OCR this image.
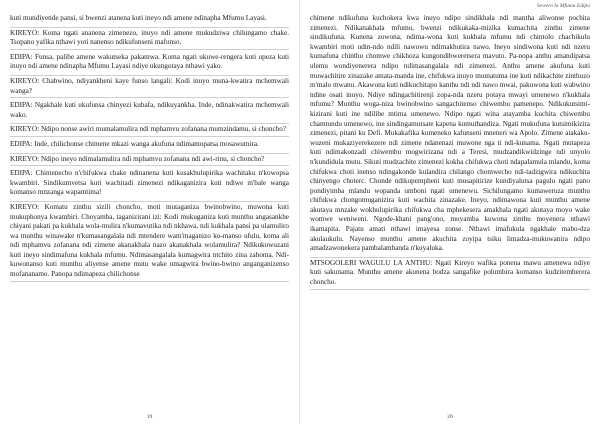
kuti mundiyende pansi, si bwenzi atanena kuti ineyo ndi amene ndinapha Mfumu Layasi.

KIREYO: Koma ngati ananena zimenezo, inuyo ndi amene mukudziwa chilungamo chake. Tsopano yafika nthawi yoti nanenso ndikufunseni mafunso.

EDIPA: Funsa, palibe amene wakutseka pakamwa. Koma ngati ukuwe-rengera kuti upeza kuti inuyo ndi amene ndinapha Mfumu Layasi ndiye ukungotaya nthawi yako.

KIREYO: Chabwino, ndiyankheni kaye funso langali: Kodi inuyo muna-kwatira mchemwali wanga?

EDIPA: Ngakhale kuti ukufunsa chinyezi kubafa, ndikuyankha. Inde, ndinakwatira mchemwali wako.

KIREYO: Ndipo nonse awiri mumalamulira ndi mphamvu zofanana mumzindamu, si choncho?

EDIPA: Inde, chilichonse chimene mkazi wanga akufuna ndimamupatsa mosawumira.

KIREYO: Ndipo ineyo ndimalamulira ndi mphamvu zofanana ndi awi-rinu, si choncho?

EDIPA: Chimenecho n'chifukwa chake ndinanena kuti kusakhulupirika wachitaku n'kowopsa kwambiri. Sindikumvetsa kuti wachitadi zimenezi ndikaganizira kuti ndiwe m'bale wanga komanso mnzanga wapamtima!

KIREYO: Komatu zinthu sizili choncho, moti mutaganiza bwinobwino, muwona kuti mukuphonya kwambiri. Choyamba, taganizirani izi: Kodi mukuganiza kuti munthu angasankhe chiyani pakati pa kukhala wola-mulira n'kumavutika ndi nkhawa, ndi kukhala pansi pa ulamuliro wa munthu winawake n'kumasangalala ndi mtendere wam'maganizo ko-manso ufulu, koma ali ndi mphamvu zofanana ndi zimene akanakhala nazo akanakhala wolamulira? Ndikukuwuzani kuti ineyo sindimafuna kukhala mfumu. Ndimasangalala kumagwira ntchito zina zaboma. Ndi-kuwonanso kuti munthu aliyense amene mutu wake umagwira bwino-bwino anganganizenso mofananamo. Panopa ndimapeza chilichonse

19
Sewero la Mfumu Edipa

chimene ndikufuna kuchokera kwa inuyo ndipo sindikhala ndi mantha aliwonse pochita zimenezi. Ndikanakhala mfumu, bwenzi ndikukaka-mizika kumachita zinthu zimene sindikufuna. Kunena zowona, ndima-wona kuti kukhala mfumu ndi chintolo chachikulu kwambiri moti udin-ndo ndili nawowu ndimakhutira nawo. Ineyo sindiwona kuti ndi nzeru kumafuna chinthu chomwe chikhoza kungondibweretsera mavuto. Pa-nopa anthu amandipatsa ulemu wondiyenerera ndipo ndimasangalala ndi zimenezi. Anthu amene akufuna kuti muwachitire zinazake amata-manda ine, chifukwa inuyo mumatuma ine kuti ndikachite zinthuzo m'malo mwanu. Akawona kuti ndikuchitapo kanthu ndi ndi nawo mwai, pakuwona kuti wabwino ndine osati inuyo. Ndiye ndingachitirenji zopa-nda nzeru potaya mwayi umenewo n'kukhala mfumu? Munthu woga-niza bwinobwino sangachitenso chiwembu pamenepo. Ndikukutsimi-kizirani kuti ine ndilibe mtima umenewo. Ndipo ngati wina atayamba kuchita chiwembu chamtundu umenewo, ine sindingamutsate kapena kumuthandiza. Ngati mukufuna kutsimikizira zimenezi, pitani ku Defi. Mukakafika kumeneko kafunseni mneneri wa Apolo. Zimene atakaku-wuzeni mukaziyerekezere ndi zimene ndanenazi muwone nga ti ndi-kunama. Ngati mutapeza kuti ndimakonzadi chiwembu mogwirizana ndi a Teresi, mudzandikwidzinge ndi unyolo n'kundidula mutu. Sikuti mudzachite zimenezi kokha chifukwa choti ndapalamula mlandu, koma chifukwa choti inenso ndingakonde kulandira chilango chomwecho ndi-tadzigwira ndikuchita chinyengo choterc. Chonde ndikupempheni kuti musapitirize kundiyalutsa pagulu ngati pano pondiyimba mlandu wopanda umboni ngati umenewu. Sichilungamo kumaweruza munthu chifukwa chongomuganizira kuti wachita zinazake. Ineyo, ndimawona kuti munthu amene akutaya mnzake wokhulupirika chifukwa cha mphekesera amakhala ngati akutaya moyo wake womwe weniweni. Ngode-khani pang'ono, muyamba kuwona zinthu moyenera nthawi ikamapita. Pajatu amati nthawi imayesa zonse. Nthawi imafukula ngakhale mabo-dza akulaukulu. Nayenso munthu amene akuchita zoyipa tsiku limadza-mukuwanira ndipo amadzawonekera pambalambanda n'kuyaluka.

MTSOGOLERI WAGULU LA ANTHU: Ngati Kireyo wafika ponena mawu amenewa ndiye kuti sakunama. Munthu amene akunena bodza sangafike polumbira komanso kudzitemberera choncho.

20
